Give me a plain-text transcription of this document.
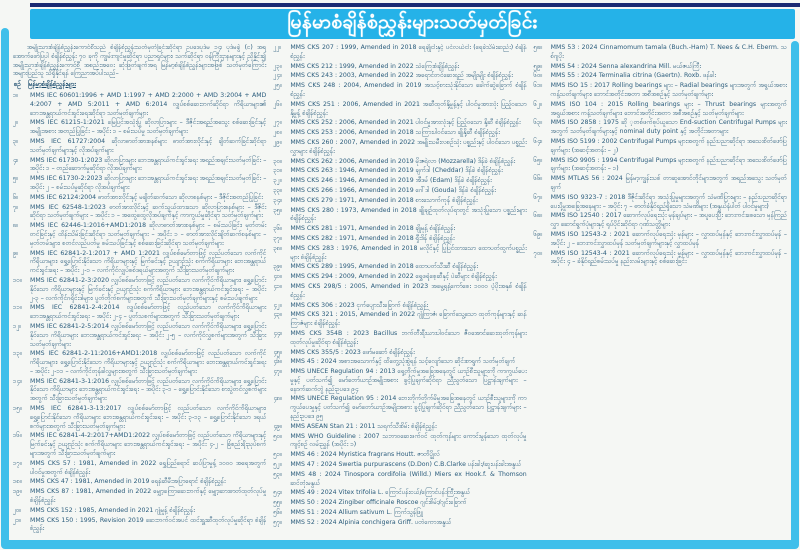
မြန်မာစံချိန်စံညွှန်းများသတ်မှတ်ခြင်း

အမျိုးသားစံချိန်စံညွှန်းကောင်စီသည် စံချိန်စံညွှန်းသတ်မှတ်ခြင်းဆိုင်ရာ ဥပဒေပုဒ်မ ၁၄၊ ပုဒ်မခွဲ (င) အရ အောက်ဖော်ပြပါ စံချိန်စံညွှန်း ၇၀ ခုကို ကျွမ်းကျင်မှုဆိုင်ရာ ပညာရှင်များ၊ သက်ဆိုင်ရာ ဝန်ကြီးဌာနများနှင့် ညှိနှိုင်း၍ အမျိုးသားစံချိန်စံညွှန်းကောင်စီ အစည်းအဝေး ဆုံးဖြတ်ချက်အရ မြန်မာ့စံချိန်စံညွှန်းများအဖြစ် သတ်မှတ်ကြောင်း အများပြည်သူ သိရှိနိုင်ရန် ကြေညာအပ်ပါသည်–

စဉ် မြန်မာ့စံချိန်စံညွှန်းများ
၁။ MMS IEC 60601:1996 + AMD 1:1997 + AMD 2:2000 + AMD 3:2004 + AMD 4:2007 + AMD 5:2011 + AMD 6:2014 လျှပ်စစ်ဆေးဘက်ဆိုင်ရာ ကိရိယာများ၏ ဘေးအန္တရာယ်ကင်းရှင်းရေးဆိုင်ရာ သတ်မှတ်ချက်များ
၂။ MMS IEC 61215-1:2021 မြေပြင်အသုံးပြု ဆိုလာပြားများ – ဒီဇိုင်းအရည်အသွေး စစ်ဆေးခြင်းနှင့် အမျိုးအစား အတည်ပြုခြင်း – အပိုင်း ၁ – စမ်းသပ်မှု သတ်မှတ်ချက်များ
၃။ MMS IEC 61727:2004 ဆိုလာဓာတ်အားစနစ်များ ဓာတ်အားလိုင်းနှင့် ချိတ်ဆက်ခြင်းဆိုင်ရာ သတ်မှတ်ချက်များနှင့် လိုအပ်ချက်များ
၄။ MMS IEC 61730-1:2023 ဆိုလာပြားများ ဘေးအန္တရာယ်ကင်းရှင်းရေး အရည်အချင်းသတ်မှတ်ခြင်း – အပိုင်း ၁ – တည်ဆောက်မှုဆိုင်ရာ လိုအပ်ချက်များ
၅။ MMS IEC 61730-2:2023 ဆိုလာပြားများ ဘေးအန္တရာယ်ကင်းရှင်းရေး အရည်အချင်းသတ်မှတ်ခြင်း – အပိုင်း ၂ – စမ်းသပ်မှုဆိုင်ရာ လိုအပ်ချက်များ
၆။ MMS IEC 62124:2004 ဓာတ်အားလိုင်းနှင့် မချိတ်ဆက်သော ဆိုလာစနစ်များ – ဒီဇိုင်းအတည်ပြုခြင်း
၇။ MMS IEC 62548-1:2023 ဓာတ်အားလိုင်းနှင့် ဆက်သွယ်ထားသော ဆိုလာပြားစနစ်များ – ဒီဇိုင်းဆိုင်ရာ သတ်မှတ်ချက်များ – အပိုင်း ၁ – အထွေထွေလိုအပ်ချက်နှင့် ကာကွယ်မှုဆိုင်ရာ သတ်မှတ်ချက်များ
၈။ MMS IEC 62446-1:2016+AMD1:2018 ဆိုလာဓာတ်အားစနစ်များ – စမ်းသပ်ခြင်း၊ မှတ်တမ်းတင်ခြင်းနှင့် ထိန်းသိမ်းခြင်းဆိုင်ရာ သတ်မှတ်ချက်များ – အပိုင်း ၁ – ဓာတ်အားလိုင်းချိတ်ဆက်စနစ်များ – မှတ်တမ်းများ၊ စတင်လည်ပတ်မှု စမ်းသပ်ခြင်းနှင့် စစ်ဆေးခြင်းဆိုင်ရာ သတ်မှတ်ချက်များ
၉။ MMS IEC 62841-2-1:2017 + AMD 1:2021 လျှပ်စစ်မော်တာဖြင့် လည်ပတ်သော လက်ကိုင်ကိရိယာများ၊ ရွှေ့ပြောင်းနိုင်သော ကိရိယာများနှင့် မြက်ခင်းနှင့် ဥယျာဉ်သုံး စက်ကိရိယာများ ဘေးအန္တရာယ်ကင်းရှင်းရေး – အပိုင်း ၂-၁ – လက်ကိုင်လျှပ်စစ်ဒရယ်များအတွက် သီးခြားသတ်မှတ်ချက်များ
၁၀။ MMS IEC 62841-2-3:2020 လျှပ်စစ်မော်တာဖြင့် လည်ပတ်သော လက်ကိုင်ကိရိယာများ၊ ရွှေ့ပြောင်းနိုင်သော ကိရိယာများနှင့် မြက်ခင်းနှင့် ဥယျာဉ်သုံး စက်ကိရိယာများ ဘေးအန္တရာယ်ကင်းရှင်းရေး – အပိုင်း ၂-၃ – လက်ကိုင်ဂရိုင်းဒါများ၊ ပွတ်တိုက်စက်များအတွက် သီးခြားသတ်မှတ်ချက်များနှင့် စမ်းသပ်ချက်များ
၁၁။ MMS IEC 62841-2-4:2014 လျှပ်စစ်မော်တာဖြင့် လည်ပတ်သော လက်ကိုင်ကိရိယာများ ဘေးအန္တရာယ်ကင်းရှင်းရေး – အပိုင်း ၂-၄ – ပွတ်သစက်များအတွက် သီးခြားသတ်မှတ်ချက်များ
၁၂။ MMS IEC 62841-2-5:2014 လျှပ်စစ်မော်တာဖြင့် လည်ပတ်သော လက်ကိုင်ကိရိယာများ၊ ရွှေ့ပြောင်းနိုင်သော ကိရိယာများ ဘေးအန္တရာယ်ကင်းရှင်းရေး – အပိုင်း ၂-၅ – လက်ကိုင်လွှစက်များအတွက် သီးခြားသတ်မှတ်ချက်များ
၁၃။ MMS IEC 62841-2-11:2016+AMD1:2018 လျှပ်စစ်မော်တာဖြင့် လည်ပတ်သော လက်ကိုင်ကိရိယာများ၊ ရွှေ့ပြောင်းနိုင်သော ကိရိယာများနှင့် ဥယျာဉ်သုံး စက်ကိရိယာများ ဘေးအန္တရာယ်ကင်းရှင်းရေး – အပိုင်း ၂-၁၁ – လက်ကိုင်တုန်ခါလွှများအတွက် သီးခြားသတ်မှတ်ချက်များ
၁၄။ MMS IEC 62841-3-1:2016 လျှပ်စစ်မော်တာဖြင့် လည်ပတ်သော လက်ကိုင်ကိရိယာများ၊ ရွှေ့ပြောင်းနိုင်သော ကိရိယာများ ဘေးအန္တရာယ်ကင်းရှင်းရေး – အပိုင်း ၃-၁ – ရွှေ့ပြောင်းနိုင်သော စားပွဲတင်လွှစက်များအတွက် သီးခြားသတ်မှတ်ချက်များ
၁၅။ MMS IEC 62841-3-13:2017 လျှပ်စစ်မော်တာဖြင့် လည်ပတ်သော လက်ကိုင်ကိရိယာများ၊ ရွှေ့ပြောင်းနိုင်သော ကိရိယာများ ဘေးအန္တရာယ်ကင်းရှင်းရေး – အပိုင်း ၃-၁၃ – ရွှေ့ပြောင်းနိုင်သော ဒရယ်စက်များအတွက် သီးခြားသတ်မှတ်ချက်များ
၁၆။ MMS IEC 62841-4-2:2017+AMD1:2022 လျှပ်စစ်မော်တာဖြင့် လည်ပတ်သော ကိရိယာများနှင့် မြက်ခင်းနှင့် ဥယျာဉ်သုံး စက်ကိရိယာများ ဘေးအန္တရာယ်ကင်းရှင်းရေး – အပိုင်း ၄-၂ – ခြံစည်းရိုးညှပ်စက်များအတွက် သီးခြားသတ်မှတ်ချက်များ
၁၇။ MMS CKS 57 : 1981, Amended in 2022 ရွှေပြည်ရောင် ဆပ်ပြာမှုန့် ၁၀၀၀ အရေအတွက်ပါဝင်မှုအတွက် စံချိန်စံညွှန်း
၁၈။ MMS CKS 47 : 1981, Amended in 2019 ရေနံဆီမီးအပြာရောင် စံချိန်စံညွှန်း
၁၉။ MMS CKS 87 : 1981, Amended in 2022 မျှော့ကြောဆေးဘက်နှင့် မျှော့ဆားဓာတ်ထုတ်လုပ်မှု စံချိန်စံညွှန်း
၂၀။ MMS CKS 152 : 1985, Amended in 2021 ဂျုံမှုန့် စံချိန်စံညွှန်း
၂၁။ MMS CKS 150 : 1995, Revision 2019 ဆေးဘက်ဝင်အပင် ထင်းရှူးဆီထုတ်လုပ်မှုဆိုင်ရာ စံချိန်စံညွှန်း
၂၂။ MMS CKS 207 : 1999, Amended in 2018 ရေချိုငါးနှင့် ပင်လယ်ငါး (ရေခဲသိမ်းဆည်း) စံချိန်စံညွှန်း
၂၃။ MMS CKS 212 : 1999, Amended in 2022 သံကြေးစံချိန်စံညွှန်း
၂၄။ MMS CKS 243 : 2003, Amended in 2022 အရောင်တင်ဆေးရည် အမျိုးမျိုး စံချိန်စံညွှန်း
၂၅။ MMS CKS 248 : 2004, Amended in 2019 အသင့်စားသုံးနိုင်သော ခေါက်ဆွဲခြောက် စံချိန်စံညွှန်း
၂၆။ MMS CKS 251 : 2006, Amended in 2021 အဆီထုတ်နို့မှုန့်နှင့် ပါဝင်မှုအားလုံး ပြည့်ဝသော နို့မှုန့် စံချိန်စံညွှန်း
၂၇။ MMS CKS 252 : 2006, Amended in 2021 ပါဝင်မှုအားလုံးနှင့် ပြည့်ဝသော နို့ဆီ စံချိန်စံညွှန်း
၂၈။ MMS CKS 253 : 2006, Amended in 2018 သကြားပါဝင်သော ချိုနို့ဆီ စံချိန်စံညွှန်း
၂၉။ MMS CKS 260 : 2007, Amended in 2022 အမျိုးသမီးလစဉ်သုံး ပစ္စည်းနှင့် ပါဝင်သော ပစ္စည်းလွှာများ စံချိန်စံညွှန်း
၃၀။ MMS CKS 262 : 2006, Amended in 2019 မိုးဇရဲလာ (Mozzarella) ဒိန်ခဲ စံချိန်စံညွှန်း
၃၁။ MMS CKS 263 : 1946, Amended in 2019 ချက်ဒါ (Cheddar) ဒိန်ခဲ စံချိန်စံညွှန်း
၃၂။ MMS CKS 246 : 1946, Amended in 2019 အီဒမ် (Edam) ဒိန်ခဲ စံချိန်စံညွှန်း
၃၃။ MMS CKS 266 : 1966, Amended in 2019 ဂေါ်ဒါ (Gouda) ဒိန်ခဲ စံချိန်စံညွှန်း
၃၄။ MMS CKS 279 : 1971, Amended in 2018 စားသောက်ကုန် စံချိန်စံညွှန်း
၃၅။ MMS CKS 280 : 1973, Amended in 2018 ချိုချဉ်ထုတ်လုပ်ရာတွင် အသုံးပြုသော ပစ္စည်းများ စံချိန်စံညွှန်း
၃၆။ MMS CKS 281 : 1971, Amended in 2018 ချိုမုန့် စံချိန်စံညွှန်း
၃၇။ MMS CKS 282 : 1971, Amended in 2018 ရှီးဒိန် စံချိန်စံညွှန်း
၃၈။ MMS CKS 283 : 1976, Amended in 2018 မလိုင်နှင့် ပြုပြင်ထားသော ထောပတ်ထွက်ပစ္စည်းများ စံချိန်စံညွှန်း
၃၉။ MMS CKS 289 : 1995, Amended in 2018 ထောပတ်သီးဆီ စံချိန်စံညွှန်း
၄၀။ MMS CKS 294 : 2009, Amended in 2022 ရွှေဖရုံစေ့ဆီနှင့် ပဲဆီများ စံချိန်စံညွှန်း
၄၁။ MMS CKS 298/5 : 2005, Amended in 2023 အမွေ့ရနံ့ကော်စေး ၁၀၀၀ ပံ့ပိုးအနှစ် စံချိန်စံညွှန်း
၄၂။ MMS CKS 306 : 2023 ငှက်ပျောသီးခြောက် စံချိန်စံညွှန်း
၄၃။ MMS CKS 321 : 2015, Amended in 2022 ဂျုံကြာဇံ၊ ခြောက်သွေ့သော ထုတ်ကုန်များနှင့် ဆန်ကြာဇံများ စံချိန်စံညွှန်း
၄၄။ MMS CKS 354B : 2023 Bacillus ဘက်တီးရီးယားပါဝင်သော ဇီဝအောင်ဆေးထုတ်ကုန်များ ထုတ်လုပ်မှုဆိုင်ရာ စံချိန်စံညွှန်း
၄၅။ MMS CKS 355/5 : 2023 ဖော်မဆော် စံချိန်စံညွှန်း
၄၆။ MMS 45 : 2024 အစားအသောက်နှင့် ထိတွေ့သုံးစွဲရန် သင့်လျော်သော ဆိုင်းစာရွက် သတ်မှတ်ချက်
၄၇။ MMS UNECE Regulation 94 : 2013 ရှေ့တိုက်မှုအခြေအနေတွင် ယာဉ်စီးသူများကို ကာကွယ်ပေးမှုနှင့် ပတ်သက်၍ မော်တော်ယာဉ်အမျိုးအစား ခွင့်ပြုချက်ဆိုင်ရာ ညီညွတ်သော ပြဋ္ဌာန်းချက်များ – နောက်ဆက်တွဲ နည်းဥပဒေ ၉၄
၄၈။ MMS UNECE Regulation 95 : 2014 ဘေးတိုက်တိုက်မိမှုအခြေအနေတွင် ယာဉ်စီးသူများကို ကာကွယ်ပေးမှုနှင့် ပတ်သက်၍ မော်တော်ယာဉ်အမျိုးအစား ခွင့်ပြုချက်ဆိုင်ရာ ညီညွတ်သော ပြဋ္ဌာန်းချက်များ – နည်းဥပဒေ ၉၅
၄၉။ MMS ASEAN Stan 21 : 2011 သရက်သီးစိမ်း စံချိန်စံညွှန်း
၅၀။ MMS WHO Guideline : 2007 သဘာဝဆေးဖက်ဝင် ထုတ်ကုန်များ ကောင်းမွန်သော ထုတ်လုပ်မှုကျင့်စဉ် လမ်းညွှန် (အပိုင်း ၁)
၅၁။ MMS 46 : 2024 Myristica fragrans Houtt. ဇာတိပ္ဖိုလ်
၅၂။ MMS 47 : 2024 Swertia purpurascens (D.Don) C.B.Clarke ပန်းခါး/ဆူးပန်းခါးအနွယ်
၅၃။ MMS 48 : 2024 Tinospora cordifolia (Willd.) Miers ex Hook.f. & Thomson ဆင်တုံးမနွယ်
၅၄။ MMS 49 : 2024 Vitex trifolia L. ကြောင်ပန်းငယ်/ကြောင်ပန်းကြီးအနွယ်
၅၅။ MMS 50 : 2024 Zingiber officinale Roscoe ဂျင်းစိမ်း/ဂျင်းခြောက်
၅၆။ MMS 51 : 2024 Allium sativum L. ကြက်သွန်ဖြူ
၅၇။ MMS 52 : 2024 Alpinia conchigera Griff. ပတဲကောအနွယ်
၅၈။ MMS 53 : 2024 Cinnamomum tamala (Buch.-Ham) T. Nees & C.H. Eberm. သစ်ဂျပိုး
၅၉။ MMS 54 : 2024 Senna alexandrina Mill. မယ်ဇယ်ကြီး
၆၀။ MMS 55 : 2024 Terminalia citrina (Gaertn). Roxb. ဖန်ခါး
၆၁။ MMS ISO 15 : 2017 Rolling bearings များ – Radial bearings များအတွက် အရွယ်အစား ကန့်သတ်ချက်များ၊ ဘောင်အတိုင်းအတာ အစီအစဉ်နှင့် သတ်မှတ်ချက်များ
၆၂။ MMS ISO 104 : 2015 Rolling bearings များ – Thrust bearings များအတွက် အရွယ်အစား ကန့်သတ်ချက်များ၊ ဘောင်အတိုင်းအတာ အစီအစဉ်နှင့် သတ်မှတ်ချက်များ
၆၃။ MMS ISO 2858 : 1975 ဆို ့တစ်ဖက်စုပ်ယူသော End-suction Centrifugal Pumps များအတွက် သတ်မှတ်ချက်များနှင့် nominal duty point နှင့် အတိုင်းအတာများ
၆၄။ MMS ISO 5199 : 2002 Centrifugal Pumps များအတွက် နည်းပညာဆိုင်ရာ အသေးစိတ်ဖော်ပြချက်များ (အဆင့်အတန်း – ၂)
၆၅။ MMS ISO 9905 : 1994 Centrifugal Pumps များအတွက် နည်းပညာဆိုင်ရာ အသေးစိတ်ဖော်ပြချက်များ (အဆင့်အတန်း – ၁)
၆၆။ MMS MTLAS 56 : 2024 မြန်မာ့ကျွန်းသစ် တာဆူအောင်တိုင်များအတွက် အရည်အသွေး သတ်မှတ်ချက်
၆၇။ MMS ISO 9323-7 : 2018 ဒီဇိုင်းဆိုင်ရာ အသုံးပြုမှုများအတွက် သံမဏိပြားများ – နည်းပညာဆိုင်ရာ ပေးပို့မှုအခြေအနေများ – အပိုင်း ၇ – ဓာတ်ခံနိုင်ရည်ရှိသော သံမဏိများ (အနွယ်နံပါတ် ပါဝင်မှုများ)
၆၈။ MMS ISO 12540 : 2017 ဆောက်လုပ်ရေးသုံး မှန်ချပ်များ – အပူပေးပြီး ဘေးကင်းစေသော မှန်ကြည်လွှာ ဆောင်ရွက်ပုံများနှင့် ရုပ်ပိုင်းဆိုင်ရာ ဂုဏ်သတ္တိများ
၆၉။ MMS ISO 12543-2 : 2021 ဆောက်လုပ်ရေးသုံး မှန်များ – လွှာထပ်မှန်နှင့် ဘေးကင်းလွှာထပ်မှန် – အပိုင်း ၂ – ဘေးကင်းလွှာထပ်မှန် သတ်မှတ်ချက်များနှင့် လွှာထပ်မှန်
၇၀။ MMS ISO 12543-4 : 2021 ဆောက်လုပ်ရေးသုံး မှန်များ – လွှာထပ်မှန်နှင့် ဘေးကင်းလွှာထပ်မှန် – အပိုင်း ၄ – ခံနိုင်ရည်စမ်းသပ်မှု နည်းလမ်းများနှင့် စစ်ဆေးခြင်း
